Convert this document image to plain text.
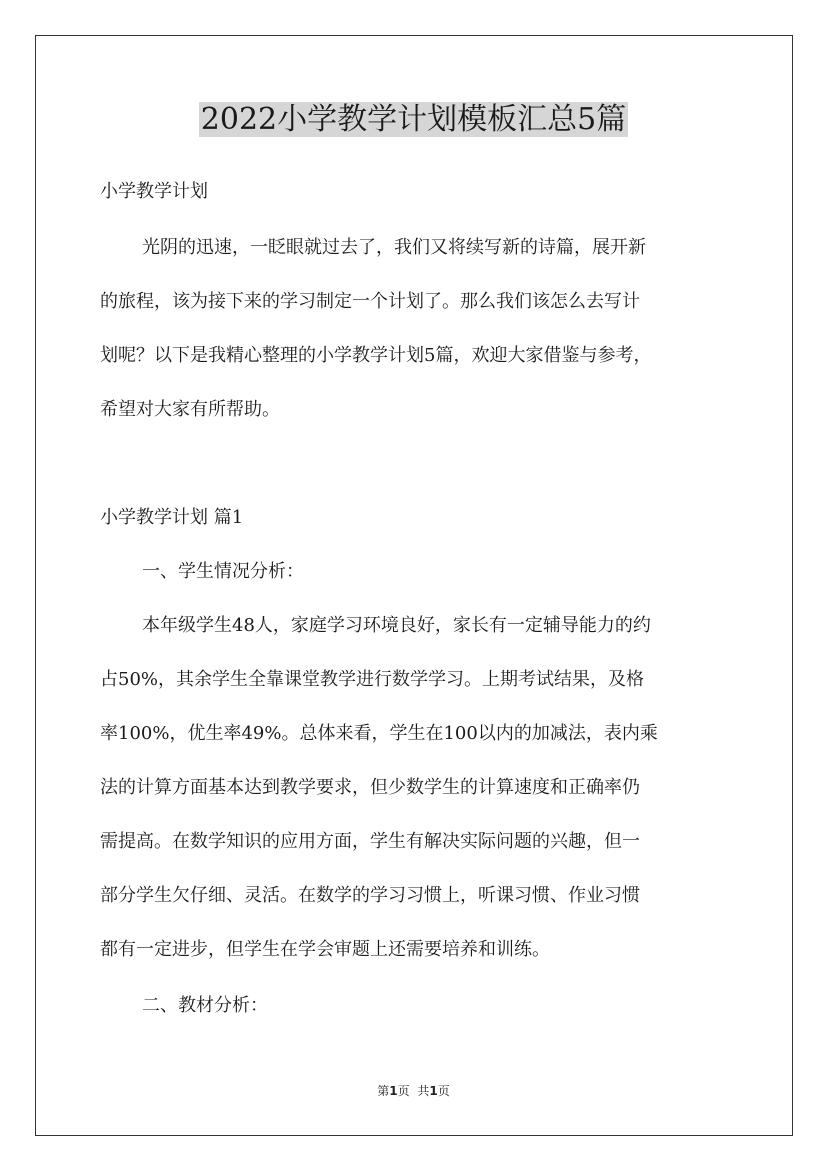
2022小学教学计划模板汇总5篇

小学教学计划

光阴的迅速，一眨眼就过去了，我们又将续写新的诗篇，展开新

的旅程，该为接下来的学习制定一个计划了。那么我们该怎么去写计

划呢？以下是我精心整理的小学教学计划5篇，欢迎大家借鉴与参考，

希望对大家有所帮助。

小学教学计划 篇1

一、学生情况分析：

本年级学生48人，家庭学习环境良好，家长有一定辅导能力的约

占50%，其余学生全靠课堂教学进行数学学习。上期考试结果，及格

率100%，优生率49%。总体来看，学生在100以内的加减法，表内乘

法的计算方面基本达到教学要求，但少数学生的计算速度和正确率仍

需提高。在数学知识的应用方面，学生有解决实际问题的兴趣，但一

部分学生欠仔细、灵活。在数学的学习习惯上，听课习惯、作业习惯

都有一定进步，但学生在学会审题上还需要培养和训练。

二、教材分析：

第1页 共1页
